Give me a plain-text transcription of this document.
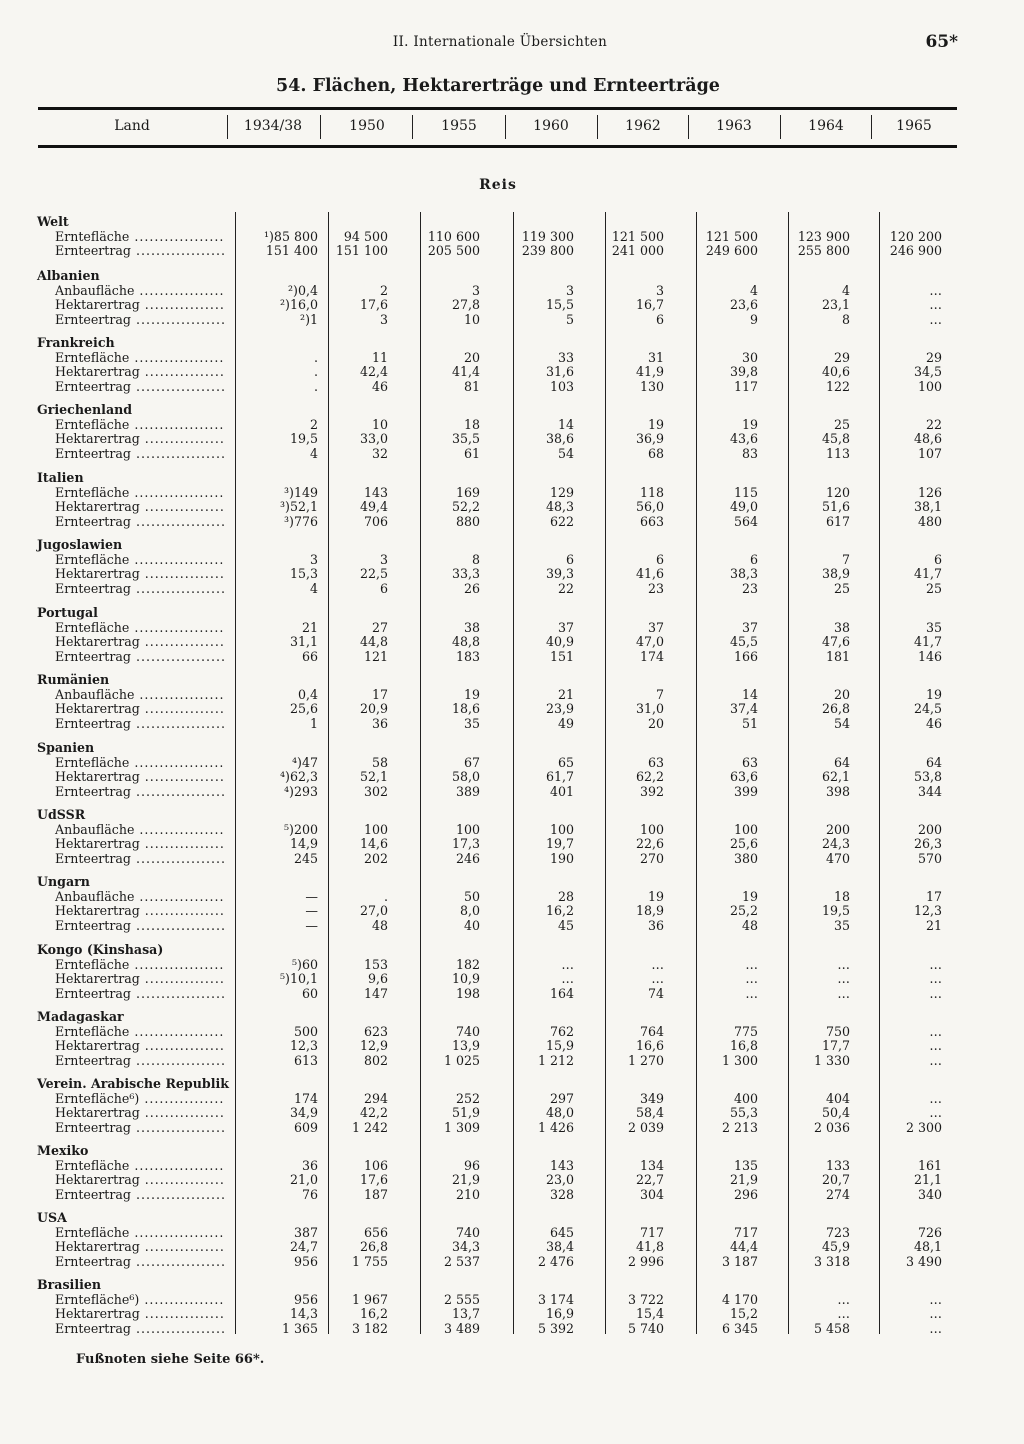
II. Internationale Übersichten	65*
54. Flächen, Hektarerträge und Ernteerträge
Land	1934/38	1950	1955	1960	1962	1963	1964	1965
Reis
Welt
Erntefläche ..................	¹)85 800	94 500	110 600	119 300	121 500	121 500	123 900	120 200
Ernteertrag ..................	151 400	151 100	205 500	239 800	241 000	249 600	255 800	246 900
Albanien
Anbaufläche .................	²)0,4	2	3	3	3	4	4	…
Hektarertrag ................	²)16,0	17,6	27,8	15,5	16,7	23,6	23,1	…
Ernteertrag ..................	²)1	3	10	5	6	9	8	…
Frankreich
Erntefläche ..................	.	11	20	33	31	30	29	29
Hektarertrag ................	.	42,4	41,4	31,6	41,9	39,8	40,6	34,5
Ernteertrag ..................	.	46	81	103	130	117	122	100
Griechenland
Erntefläche ..................	2	10	18	14	19	19	25	22
Hektarertrag ................	19,5	33,0	35,5	38,6	36,9	43,6	45,8	48,6
Ernteertrag ..................	4	32	61	54	68	83	113	107
Italien
Erntefläche ..................	³)149	143	169	129	118	115	120	126
Hektarertrag ................	³)52,1	49,4	52,2	48,3	56,0	49,0	51,6	38,1
Ernteertrag ..................	³)776	706	880	622	663	564	617	480
Jugoslawien
Erntefläche ..................	3	3	8	6	6	6	7	6
Hektarertrag ................	15,3	22,5	33,3	39,3	41,6	38,3	38,9	41,7
Ernteertrag ..................	4	6	26	22	23	23	25	25
Portugal
Erntefläche ..................	21	27	38	37	37	37	38	35
Hektarertrag ................	31,1	44,8	48,8	40,9	47,0	45,5	47,6	41,7
Ernteertrag ..................	66	121	183	151	174	166	181	146
Rumänien
Anbaufläche .................	0,4	17	19	21	7	14	20	19
Hektarertrag ................	25,6	20,9	18,6	23,9	31,0	37,4	26,8	24,5
Ernteertrag ..................	1	36	35	49	20	51	54	46
Spanien
Erntefläche ..................	⁴)47	58	67	65	63	63	64	64
Hektarertrag ................	⁴)62,3	52,1	58,0	61,7	62,2	63,6	62,1	53,8
Ernteertrag ..................	⁴)293	302	389	401	392	399	398	344
UdSSR
Anbaufläche .................	⁵)200	100	100	100	100	100	200	200
Hektarertrag ................	14,9	14,6	17,3	19,7	22,6	25,6	24,3	26,3
Ernteertrag ..................	245	202	246	190	270	380	470	570
Ungarn
Anbaufläche .................	—	.	50	28	19	19	18	17
Hektarertrag ................	—	27,0	8,0	16,2	18,9	25,2	19,5	12,3
Ernteertrag ..................	—	48	40	45	36	48	35	21
Kongo (Kinshasa)
Erntefläche ..................	⁵)60	153	182	…	…	…	…	…
Hektarertrag ................	⁵)10,1	9,6	10,9	…	…	…	…	…
Ernteertrag ..................	60	147	198	164	74	…	…	…
Madagaskar
Erntefläche ..................	500	623	740	762	764	775	750	…
Hektarertrag ................	12,3	12,9	13,9	15,9	16,6	16,8	17,7	…
Ernteertrag ..................	613	802	1 025	1 212	1 270	1 300	1 330	…
Verein. Arabische Republik
Erntefläche⁶) ................	174	294	252	297	349	400	404	…
Hektarertrag ................	34,9	42,2	51,9	48,0	58,4	55,3	50,4	…
Ernteertrag ..................	609	1 242	1 309	1 426	2 039	2 213	2 036	2 300
Mexiko
Erntefläche ..................	36	106	96	143	134	135	133	161
Hektarertrag ................	21,0	17,6	21,9	23,0	22,7	21,9	20,7	21,1
Ernteertrag ..................	76	187	210	328	304	296	274	340
USA
Erntefläche ..................	387	656	740	645	717	717	723	726
Hektarertrag ................	24,7	26,8	34,3	38,4	41,8	44,4	45,9	48,1
Ernteertrag ..................	956	1 755	2 537	2 476	2 996	3 187	3 318	3 490
Brasilien
Erntefläche⁶) ................	956	1 967	2 555	3 174	3 722	4 170	…	…
Hektarertrag ................	14,3	16,2	13,7	16,9	15,4	15,2	…	…
Ernteertrag ..................	1 365	3 182	3 489	5 392	5 740	6 345	5 458	…
Fußnoten siehe Seite 66*.
